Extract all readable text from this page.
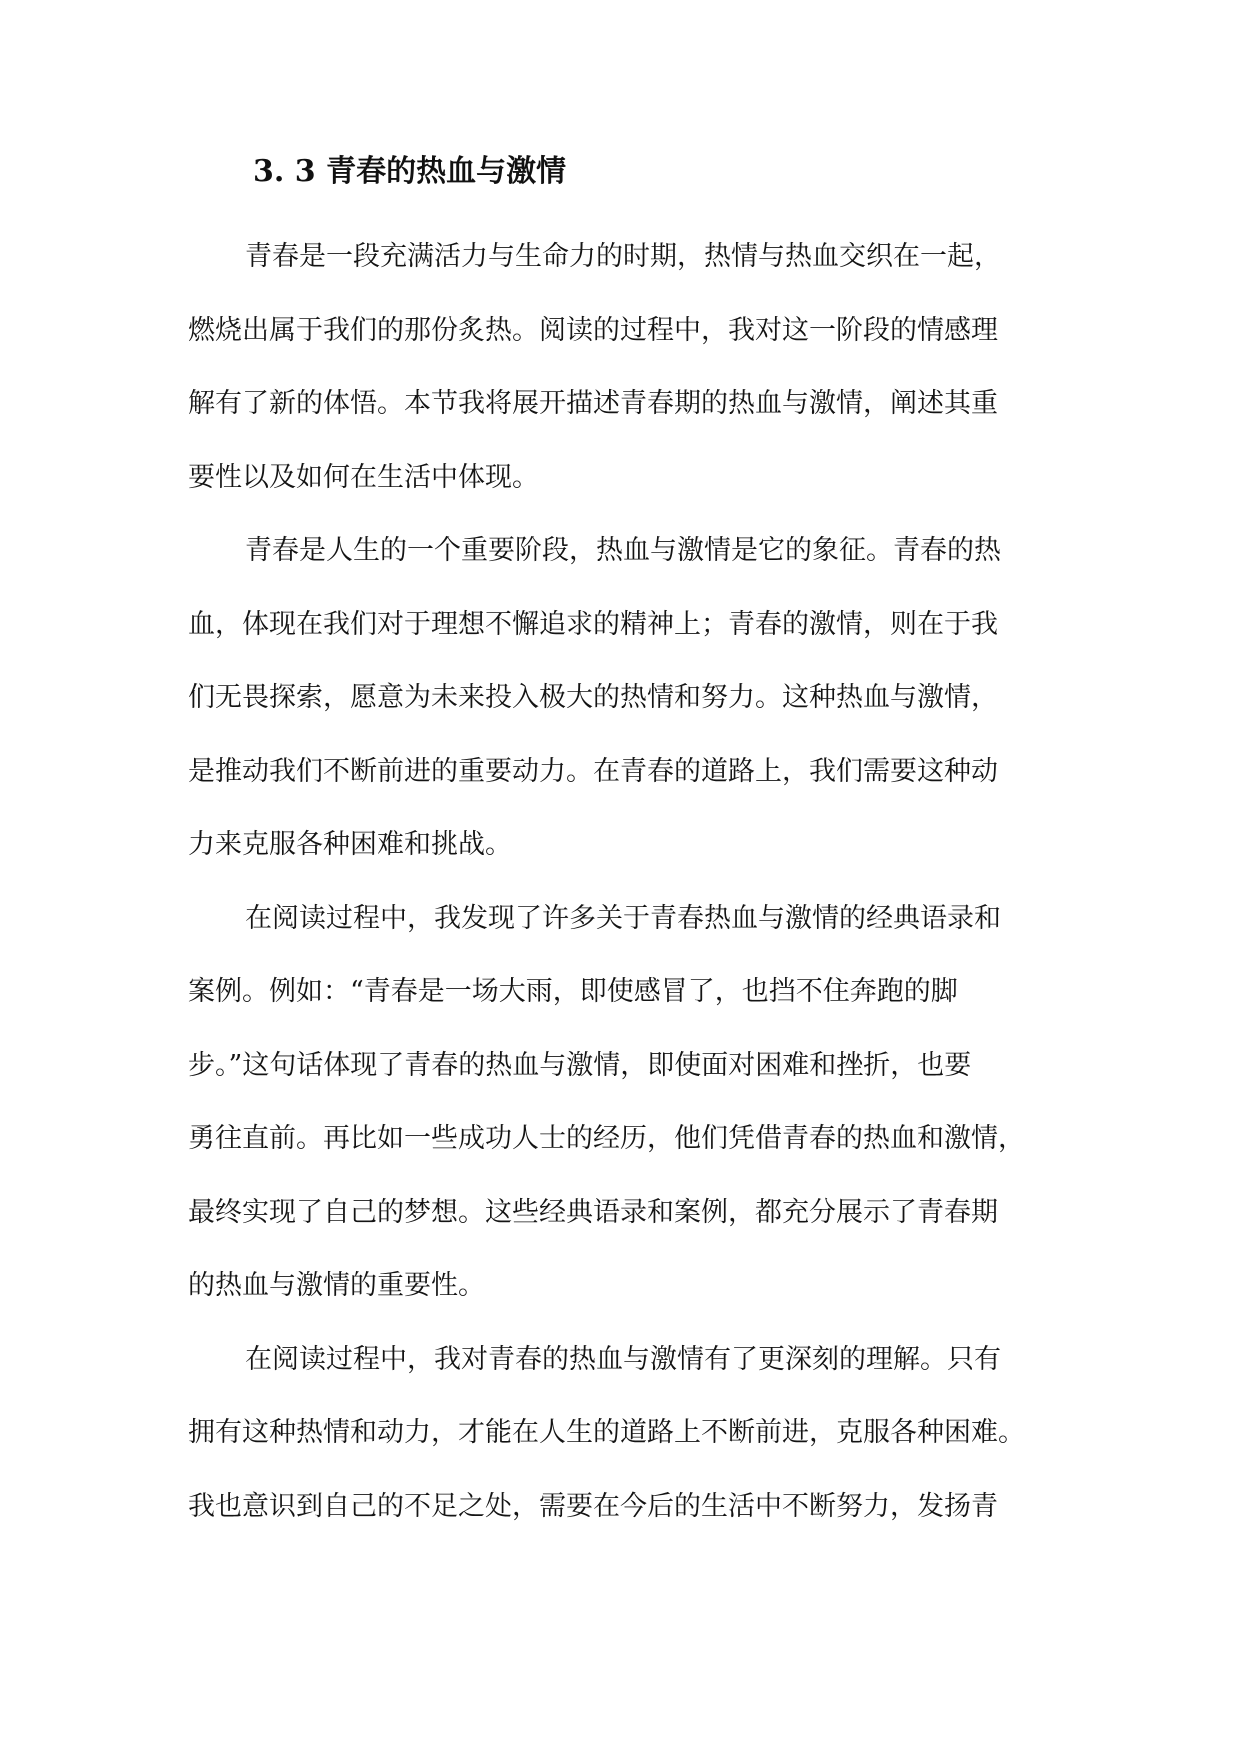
3. 3 青春的热血与激情

青春是一段充满活力与生命力的时期，热情与热血交织在一起，
燃烧出属于我们的那份炙热。阅读的过程中，我对这一阶段的情感理
解有了新的体悟。本节我将展开描述青春期的热血与激情，阐述其重
要性以及如何在生活中体现。

青春是人生的一个重要阶段，热血与激情是它的象征。青春的热
血，体现在我们对于理想不懈追求的精神上；青春的激情，则在于我
们无畏探索，愿意为未来投入极大的热情和努力。这种热血与激情，
是推动我们不断前进的重要动力。在青春的道路上，我们需要这种动
力来克服各种困难和挑战。

在阅读过程中，我发现了许多关于青春热血与激情的经典语录和
案例。例如：“青春是一场大雨，即使感冒了，也挡不住奔跑的脚
步。”这句话体现了青春的热血与激情，即使面对困难和挫折，也要
勇往直前。再比如一些成功人士的经历，他们凭借青春的热血和激情，
最终实现了自己的梦想。这些经典语录和案例，都充分展示了青春期
的热血与激情的重要性。

在阅读过程中，我对青春的热血与激情有了更深刻的理解。只有
拥有这种热情和动力，才能在人生的道路上不断前进，克服各种困难。
我也意识到自己的不足之处，需要在今后的生活中不断努力，发扬青
